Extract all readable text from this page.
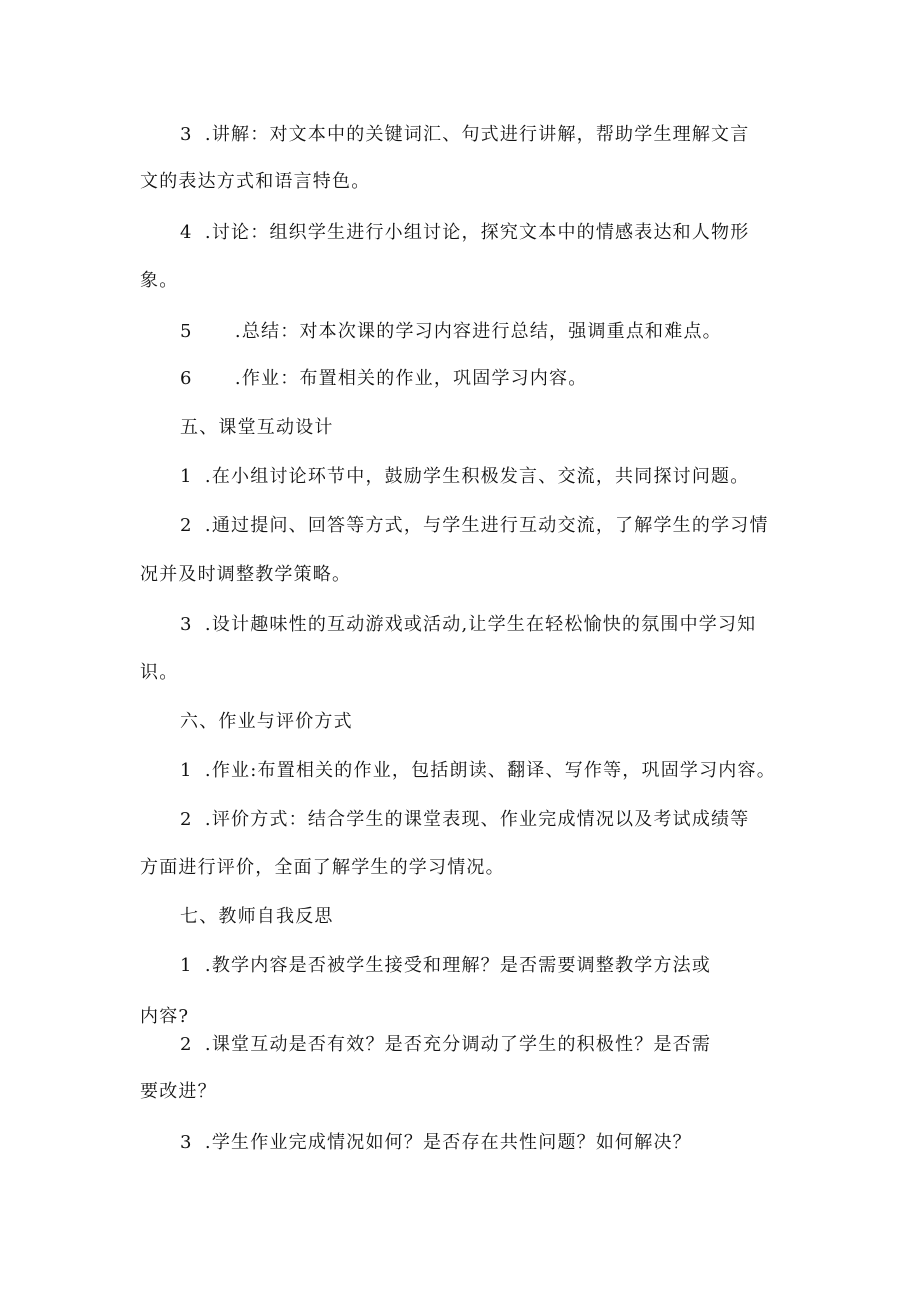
3 .讲解：对文本中的关键词汇、句式进行讲解，帮助学生理解文言
文的表达方式和语言特色。
4 .讨论：组织学生进行小组讨论，探究文本中的情感表达和人物形
象。
5 .总结：对本次课的学习内容进行总结，强调重点和难点。
6 .作业：布置相关的作业，巩固学习内容。
五、课堂互动设计
1 .在小组讨论环节中，鼓励学生积极发言、交流，共同探讨问题。
2 .通过提问、回答等方式，与学生进行互动交流，了解学生的学习情
况并及时调整教学策略。
3 .设计趣味性的互动游戏或活动,让学生在轻松愉快的氛围中学习知
识。
六、作业与评价方式
1 .作业:布置相关的作业，包括朗读、翻译、写作等，巩固学习内容。
2 .评价方式：结合学生的课堂表现、作业完成情况以及考试成绩等
方面进行评价，全面了解学生的学习情况。
七、教师自我反思
1 .教学内容是否被学生接受和理解？是否需要调整教学方法或
内容?
2 .课堂互动是否有效？是否充分调动了学生的积极性？是否需
要改进？
3 .学生作业完成情况如何？是否存在共性问题？如何解决？
